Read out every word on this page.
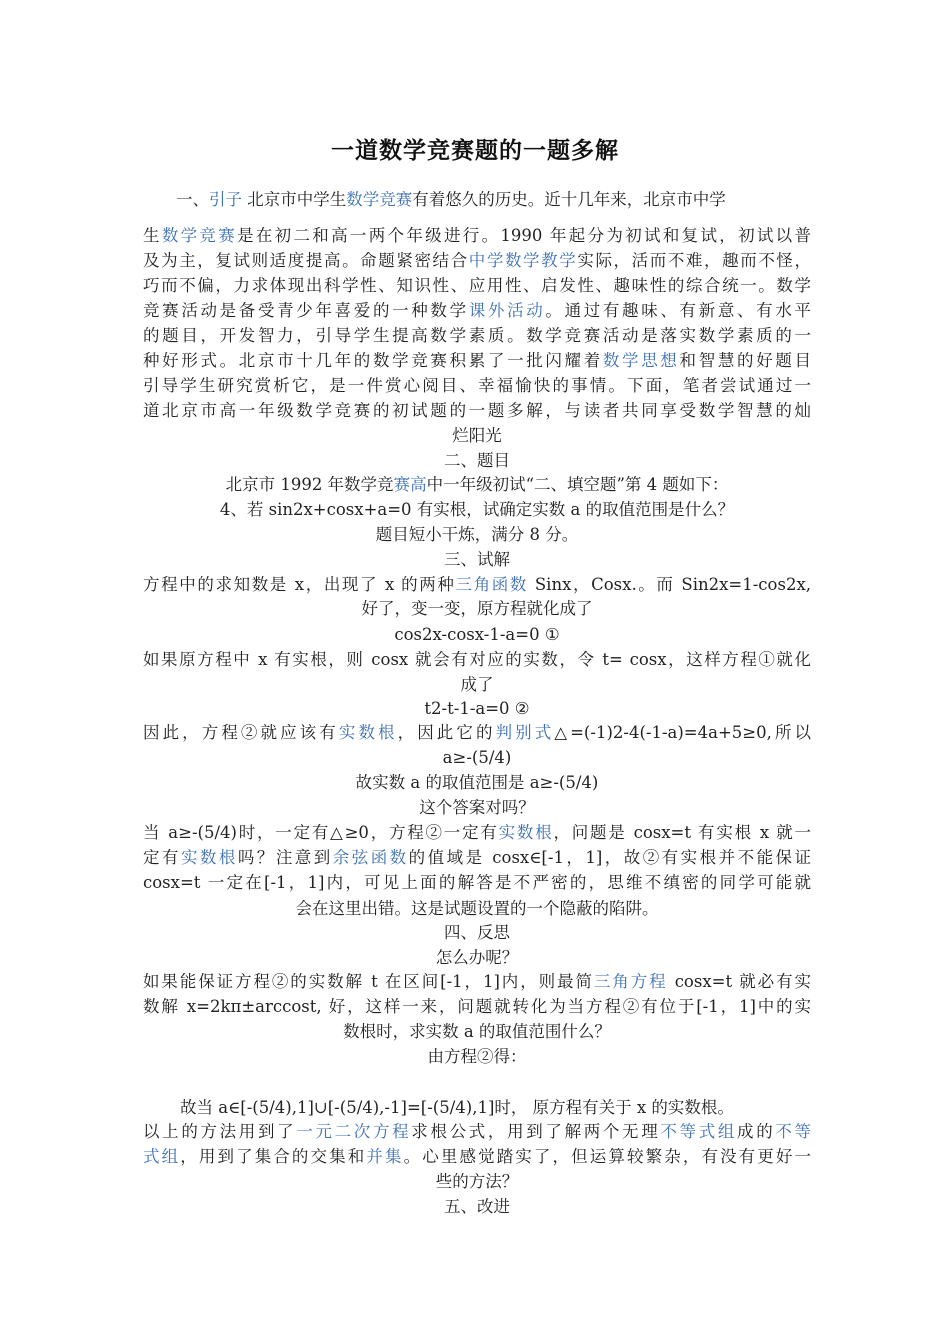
一道数学竞赛题的一题多解
一、引子 北京市中学生数学竞赛有着悠久的历史。近十几年来，北京市中学
生数学竞赛是在初二和高一两个年级进行。1990 年起分为初试和复试，初试以普
及为主，复试则适度提高。命题紧密结合中学数学教学实际，活而不难，趣而不怪，
巧而不偏，力求体现出科学性、知识性、应用性、启发性、趣味性的综合统一。数学
竞赛活动是备受青少年喜爱的一种数学课外活动。通过有趣味、有新意、有水平
的题目，开发智力，引导学生提高数学素质。数学竞赛活动是落实数学素质的一
种好形式。北京市十几年的数学竞赛积累了一批闪耀着数学思想和智慧的好题目
引导学生研究赏析它，是一件赏心阅目、幸福愉快的事情。下面，笔者尝试通过一
道北京市高一年级数学竞赛的初试题的一题多解，与读者共同享受数学智慧的灿
烂阳光
二、题目
北京市 1992 年数学竞赛高中一年级初试“二、填空题”第 4 题如下：
4、若 sin2x+cosx+a=0 有实根，试确定实数 a 的取值范围是什么？
题目短小干炼，满分 8 分。
三、试解
方程中的求知数是 x，出现了 x 的两种三角函数 Sinx，Cosx.。而 Sin2x=1-cos2x,
好了，变一变，原方程就化成了
cos2x-cosx-1-a=0 ①
如果原方程中 x 有实根，则 cosx 就会有对应的实数，令 t= cosx，这样方程①就化
成了
t2-t-1-a=0 ②
因此，方程②就应该有实数根，因此它的判别式△=(-1)2-4(-1-a)=4a+5≥0,所以
a≥-(5/4)
故实数 a 的取值范围是 a≥-(5/4)
这个答案对吗？
当 a≥-(5/4)时，一定有△≥0，方程②一定有实数根，问题是 cosx=t 有实根 x 就一
定有实数根吗？注意到余弦函数的值域是 cosx∈[-1，1]，故②有实根并不能保证
cosx=t 一定在[-1，1]内，可见上面的解答是不严密的，思维不缜密的同学可能就
会在这里出错。这是试题设置的一个隐蔽的陷阱。
四、反思
怎么办呢？
如果能保证方程②的实数解 t 在区间[-1，1]内，则最简三角方程 cosx=t 就必有实
数解 x=2kπ±arccost, 好，这样一来，问题就转化为当方程②有位于[-1，1]中的实
数根时，求实数 a 的取值范围什么？
由方程②得：
故当 a∈[-(5/4),1]∪[-(5/4),-1]=[-(5/4),1]时， 原方程有关于 x 的实数根。
以上的方法用到了一元二次方程求根公式，用到了解两个无理不等式组成的不等
式组，用到了集合的交集和并集。心里感觉踏实了，但运算较繁杂，有没有更好一
些的方法？
五、改进
